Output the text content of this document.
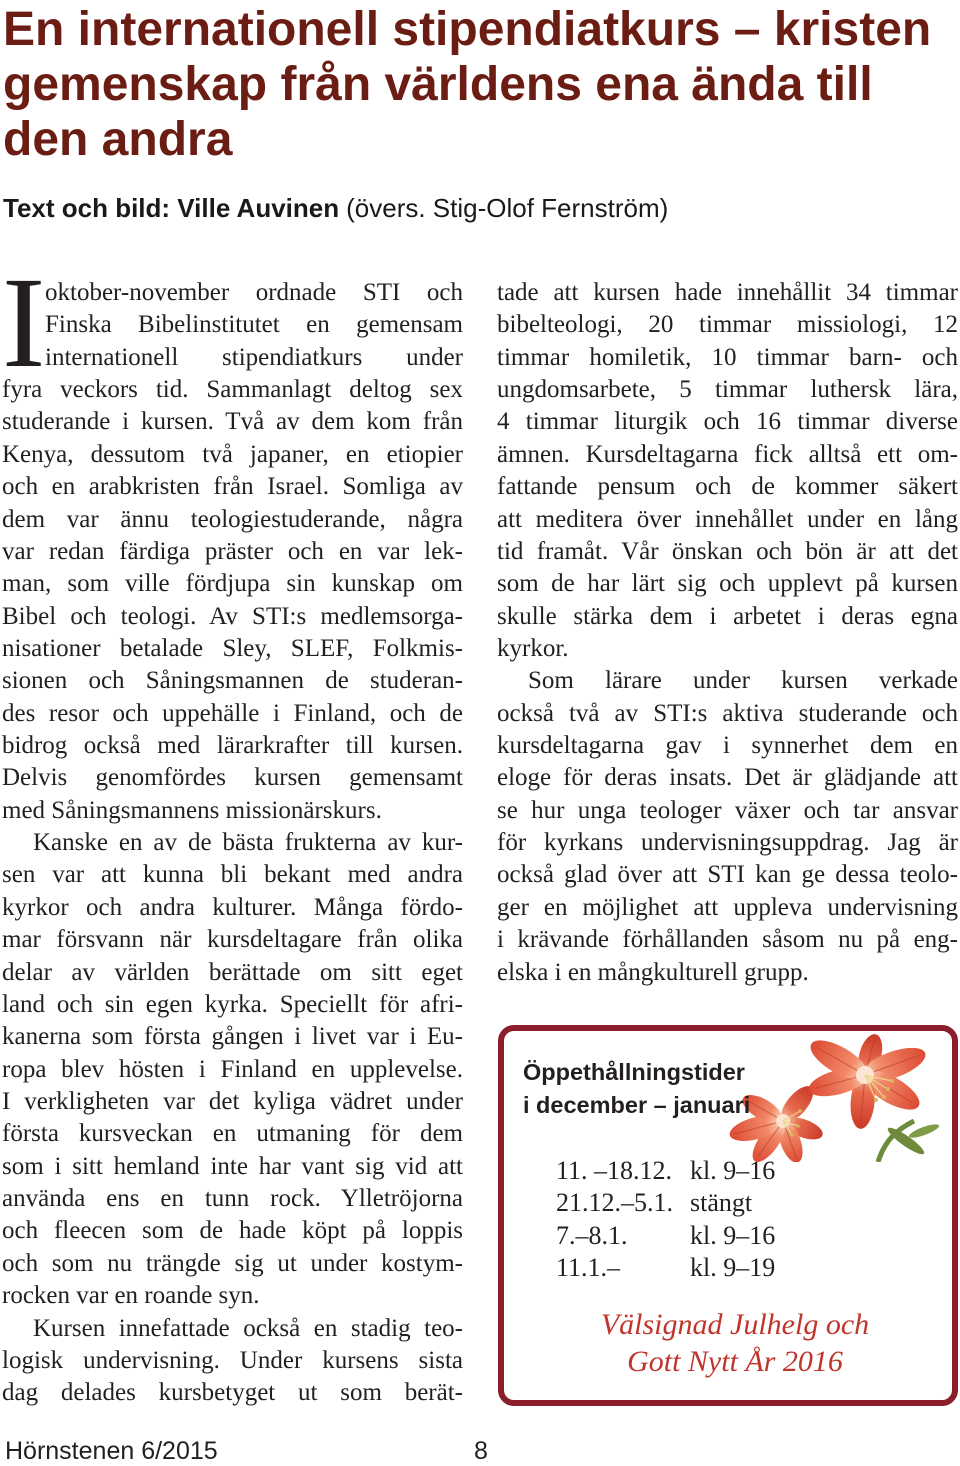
En internationell stipendiatkurs – kristen
gemenskap från världens ena ända till
den andra
Text och bild: Ville Auvinen (övers. Stig-Olof Fernström)
I oktober-november ordnade STI och
Finska Bibelinstitutet en gemensam
internationell stipendiatkurs under
fyra veckors tid. Sammanlagt deltog sex
studerande i kursen. Två av dem kom från
Kenya, dessutom två japaner, en etiopier
och en arabkristen från Israel. Somliga av
dem var ännu teologiestuderande, några
var redan färdiga präster och en var lek-
man, som ville fördjupa sin kunskap om
Bibel och teologi. Av STI:s medlemsorga-
nisationer betalade Sley, SLEF, Folkmis-
sionen och Såningsmannen de studeran-
des resor och uppehälle i Finland, och de
bidrog också med lärarkrafter till kursen.
Delvis genomfördes kursen gemensamt
med Såningsmannens missionärskurs.
Kanske en av de bästa frukterna av kur-
sen var att kunna bli bekant med andra
kyrkor och andra kulturer. Många fördo-
mar försvann när kursdeltagare från olika
delar av världen berättade om sitt eget
land och sin egen kyrka. Speciellt för afri-
kanerna som första gången i livet var i Eu-
ropa blev hösten i Finland en upplevelse.
I verkligheten var det kyliga vädret under
första kursveckan en utmaning för dem
som i sitt hemland inte har vant sig vid att
använda ens en tunn rock. Ylletröjorna
och fleecen som de hade köpt på loppis
och som nu trängde sig ut under kostym-
rocken var en roande syn.
Kursen innefattade också en stadig teo-
logisk undervisning. Under kursens sista
dag delades kursbetyget ut som berät-
tade att kursen hade innehållit 34 timmar
bibelteologi, 20 timmar missiologi, 12
timmar homiletik, 10 timmar barn- och
ungdomsarbete, 5 timmar luthersk lära,
4 timmar liturgik och 16 timmar diverse
ämnen. Kursdeltagarna fick alltså ett om-
fattande pensum och de kommer säkert
att meditera över innehållet under en lång
tid framåt. Vår önskan och bön är att det
som de har lärt sig och upplevt på kursen
skulle stärka dem i arbetet i deras egna
kyrkor.
Som lärare under kursen verkade
också två av STI:s aktiva studerande och
kursdeltagarna gav i synnerhet dem en
eloge för deras insats. Det är glädjande att
se hur unga teologer växer och tar ansvar
för kyrkans undervisningsuppdrag. Jag är
också glad över att STI kan ge dessa teolo-
ger en möjlighet att uppleva undervisning
i krävande förhållanden såsom nu på eng-
elska i en mångkulturell grupp.
Öppethållningstider
i december – januari
11. –18.12. kl. 9–16
21.12.–5.1. stängt
7.–8.1. kl. 9–16
11.1.–	kl. 9–19
Välsignad Julhelg och
Gott Nytt År 2016
Hörnstenen 6/2015	8
